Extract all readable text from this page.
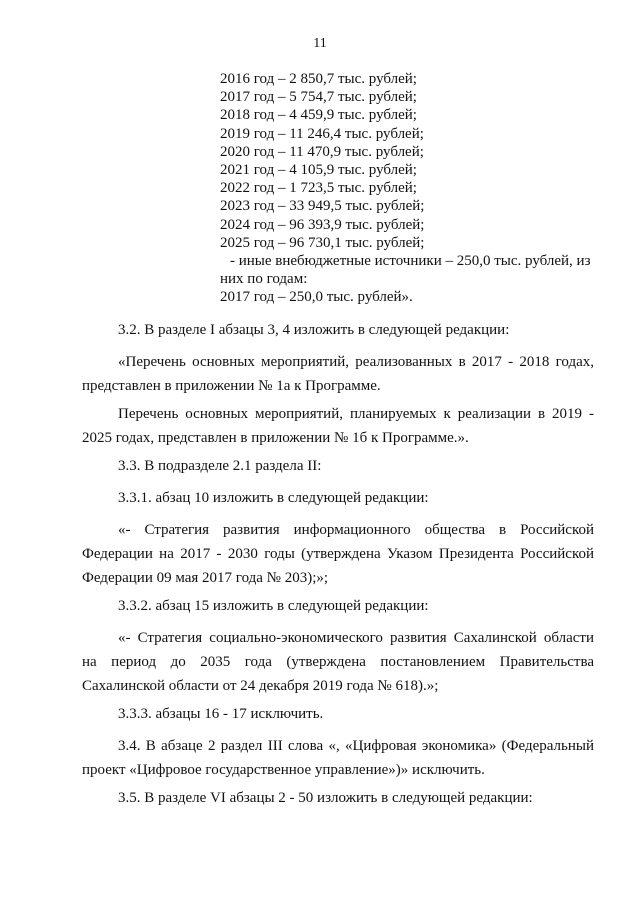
11
2016 год – 2 850,7 тыс. рублей;
2017 год – 5 754,7 тыс. рублей;
2018 год – 4 459,9 тыс. рублей;
2019 год – 11 246,4 тыс. рублей;
2020 год – 11 470,9 тыс. рублей;
2021 год – 4 105,9 тыс. рублей;
2022 год – 1 723,5 тыс. рублей;
2023 год – 33 949,5 тыс. рублей;
2024 год – 96 393,9 тыс. рублей;
2025 год – 96 730,1 тыс. рублей;
- иные внебюджетные источники – 250,0 тыс. рублей, из
них по годам:
2017 год – 250,0 тыс. рублей».

3.2. В разделе I абзацы 3, 4 изложить в следующей редакции:

«Перечень основных мероприятий, реализованных в 2017 - 2018 годах, представлен в приложении № 1а к Программе.

Перечень основных мероприятий, планируемых к реализации в 2019 - 2025 годах, представлен в приложении № 1б к Программе.».

3.3. В подразделе 2.1 раздела II:

3.3.1. абзац 10 изложить в следующей редакции:

«- Стратегия развития информационного общества в Российской Федерации на 2017 - 2030 годы (утверждена Указом Президента Российской Федерации 09 мая 2017 года № 203);»;

3.3.2. абзац 15 изложить в следующей редакции:

«- Стратегия социально-экономического развития Сахалинской области на период до 2035 года (утверждена постановлением Правительства Сахалинской области от 24 декабря 2019 года № 618).»;

3.3.3. абзацы 16 - 17 исключить.

3.4. В абзаце 2 раздел III слова «, «Цифровая экономика» (Федеральный проект «Цифровое государственное управление»)» исключить.

3.5. В разделе VI абзацы 2 - 50 изложить в следующей редакции:
